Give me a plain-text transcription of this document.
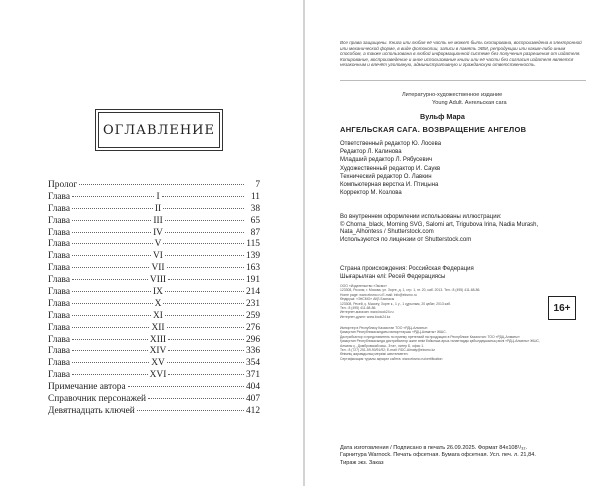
ОГЛАВЛЕНИЕ
Пролог	7
Глава	I	11
Глава	II	38
Глава	III	65
Глава	IV	87
Глава	V	115
Глава	VI	139
Глава	VII	163
Глава	VIII	191
Глава	IX	214
Глава	X	231
Глава	XI	259
Глава	XII	276
Глава	XIII	296
Глава	XIV	336
Глава	XV	354
Глава	XVI	371
Примечание автора	404
Справочник персонажей	407
Девятнадцать ключей	412
Все права защищены. Книга или любая её часть не может быть скопирована, воспроизведена в электронной или механической форме, в виде фотокопии, записи в память ЭВМ, репродукции или каким-либо иным способом, а также использована в любой информационной системе без получения разрешения от издателя. Копирование, воспроизведение и иное использование книги или её части без согласия издателя является незаконным и влечёт уголовную, административную и гражданскую ответственность.
Литературно-художественное издание
Young Adult. Ангельская сага
Вульф Мара
АНГЕЛЬСКАЯ САГА. ВОЗВРАЩЕНИЕ АНГЕЛОВ
Ответственный редактор Ю. Лосева
Редактор Л. Калинова
Младший редактор Л. Рябусевич
Художественный редактор И. Саукв
Технический редактор О. Лавкин
Компьютерная верстка И. Птицына
Корректор М. Козлова
Во внутреннем оформлении использованы иллюстрации:
© Chorna_black, Morning SVG, Salomi art, Trigubova Irina, Nadia Murash,
Nata_Alhontess / Shutterstock.com
Используются по лицензии от Shutterstock.com
Страна происхождения: Российская Федерация
Шығарылған елі: Ресей Федерациясы
ООО «Издательство «Эксмо»
123308, Россия, г. Москва, ул. Зорге, д. 1, стр. 1, эт. 20, каб. 2013. Тел.: 8 (495) 411-68-86.
Home page: www.eksmo.ru E-mail: info@eksmo.ru
Өндіруші: «ЭКСМО» АҚБ Баспасы
123308, Ресей, қ. Мәскеу, Зорге к., 1 ү., 1 құрылым, 20 қабат, 2013 каб.
Тел.: 8 (495) 411-68-86.
Интернет-магазин: www.book24.ru
Интернет-дүкен: www.book24.kz
16+
Импортер в Республику Казахстан ТОО «РДЦ-Алматы».
Қазақстан Республикасындағы импорттаушы «РДЦ-Алматы» ЖШС.
Дистрибьютор и представитель по приему претензий на продукцию в Республике Казахстан: ТОО «РДЦ-Алматы»
Қазақстан Республикасында дистрибьютор және өнім бойынша арыз-талаптарды қабылдаушының өкілі «РДЦ-Алматы» ЖШС,
Алматы қ., Домбровский көш., 3«а», литер Б, офис 1.
Тел.: 8 (727) 251-59-90/91/92; E-mail: RDC-Almaty@eksmo.kz
Өнімнің жарамдылық мерзімі шектелмеген.
Сертификация туралы ақпарат сайтта: www.eksmo.ru/certification
Дата изготовления / Подписано в печать 26.09.2025. Формат 84x108¹/₃₂.
Гарнитура Warnock. Печать офсетная. Бумага офсетная. Усл. печ. л. 21,84.
Тираж экз. Заказ
